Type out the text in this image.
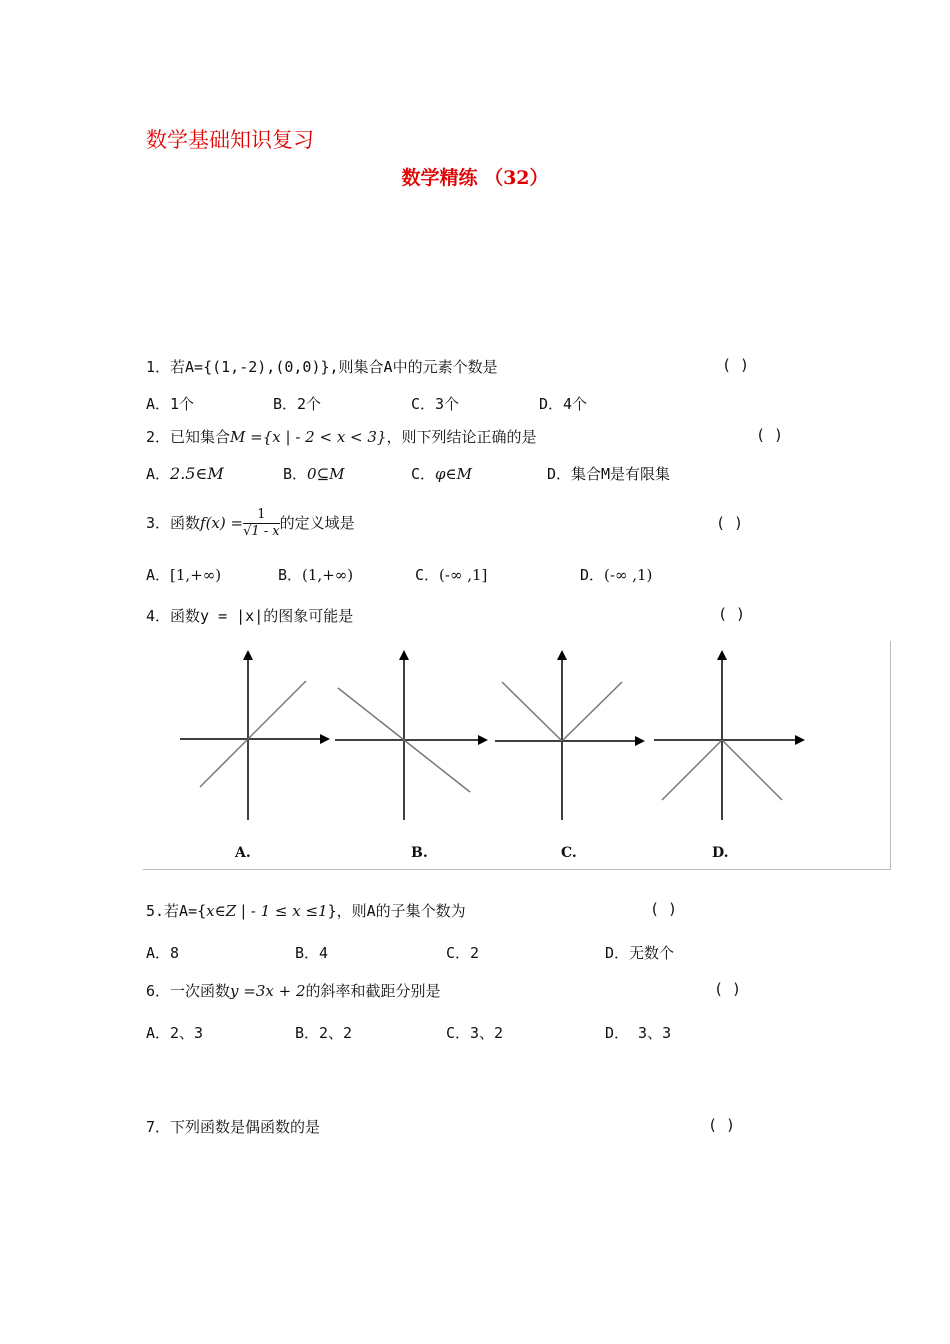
数学基础知识复习
数学精练 （32）
1．若A={(1,-2),(0,0)},则集合A中的元素个数是	( )
A．1个	B．2个	C．3个	D．4个
2．已知集合M ={x | - 2 < x < 3}，则下列结论正确的是	( )
A．2.5∈M	B．0⊆M	C．φ∈M	D．集合M是有限集
3．函数$f(x) = \frac{1}{√1 - x}$ 的定义域是	( )
A．[1,+∞)	B．(1,+∞)	C．(-∞ ,1]	D．(-∞ ,1)
4．函数y = |x|的图象可能是	( )
A.	B.	C.	D.
5.若A={x∈Z | - 1 ≤ x ≤1}，则A的子集个数为	( )
A．8	B．4	C．2	D．无数个
6．一次函数y =3x + 2的斜率和截距分别是	( )
A．2、3	B．2、2	C．3、2	D． 3、3
7．下列函数是偶函数的是	( )
